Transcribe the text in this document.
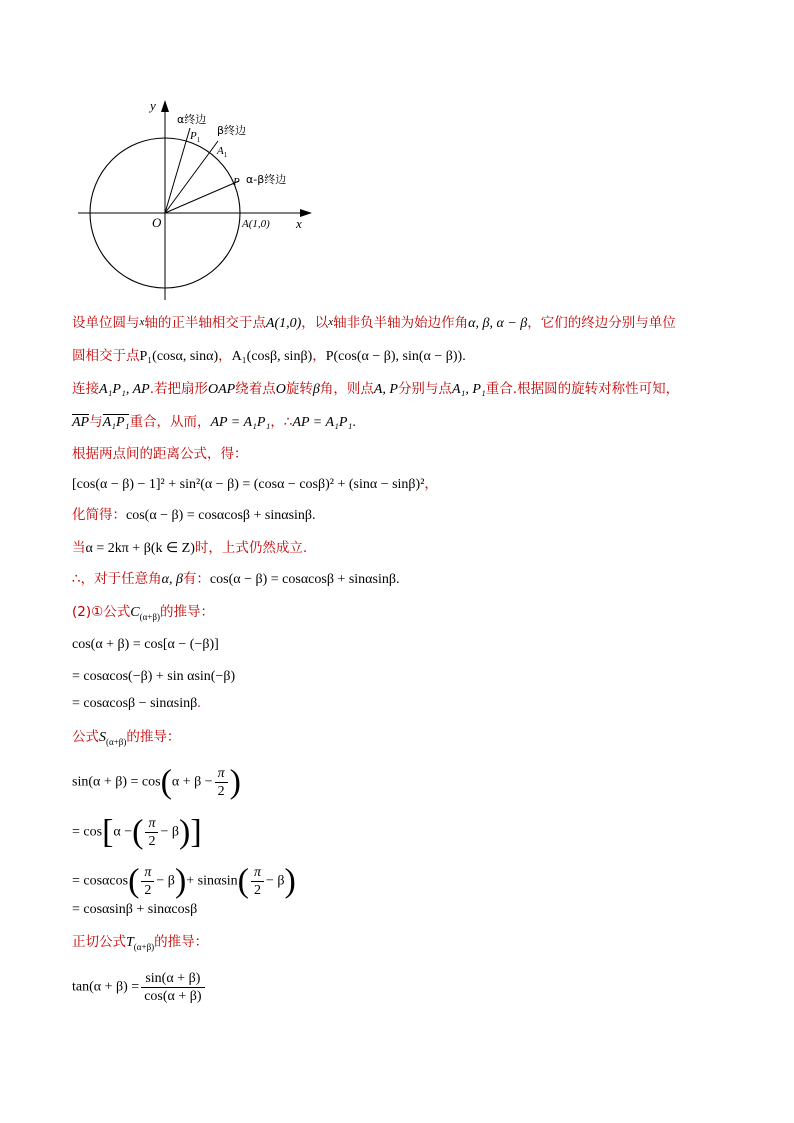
y
x
O
α终边
$P_1$
β终边
$A_1$
P α-β终边
A(1,0)
设单位圆与x轴的正半轴相交于点A(1,0)，以x轴非负半轴为始边作角α, β, α − β，它们的终边分别与单位
圆相交于点P₁(cosα, sinα)，A₁(cosβ, sinβ)，P(cos(α − β), sin(α − β)).
连接A₁P₁, AP.若把扇形OAP绕着点O旋转β角，则点A, P分别与点A₁, P₁重合.根据圆的旋转对称性可知，
AP与A₁P₁重合，从而，AP = A₁P₁，∴AP = A₁P₁.
根据两点间的距离公式，得：
[cos(α − β) − 1]² + sin²(α − β) = (cosα − cosβ)² + (sinα − sinβ)²，
化简得：cos(α − β) = cosαcosβ + sinαsinβ.
当α = 2kπ + β(k ∈ Z)时，上式仍然成立.
∴，对于任意角α, β有：cos(α − β) = cosαcosβ + sinαsinβ.
(2)①公式$C_{(\alpha+\beta)}$的推导：
cos(α + β) = cos[α − (−β)]
= cosαcos(−β) + sin αsin(−β)
= cosαcosβ − sinαsinβ.
公式$S_{(\alpha+\beta)}$的推导：
$\sin(\alpha + \beta) = \cos(\alpha + \beta - \frac{\pi}{2}$ )
= cos[α −( $\frac{\pi}{2} - \beta$)]
= $\cos\alpha\cos( \frac{\pi}{2} - \beta)+ \sin\alpha\sin( \frac{\pi}{2} - \beta)$
= cosαsinβ + sinαcosβ
正切公式$T_{(\alpha+\beta)}$的推导：
$\tan(\alpha + \beta) = \frac{\sin(\alpha + \beta)}{\cos(\alpha + \beta)}$
